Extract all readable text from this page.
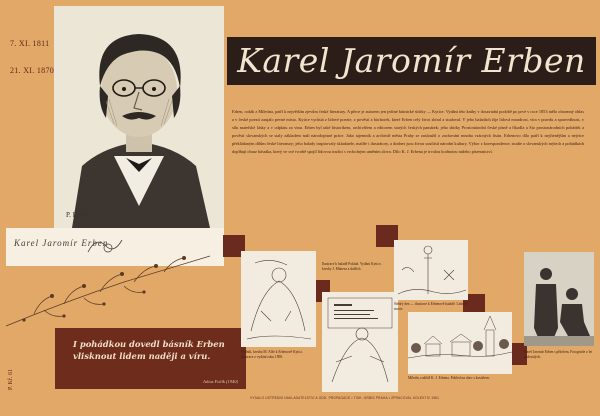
7. XI. 1811
21. XI. 1870
P. L. 67
Karel Jaromír Erben
Erben, rodák z Miletína, patří k největším zjevům české literatury. A přece je autorem jen jediné básnické sbírky — Kytice. Vydání této knihy v dosavadní podobě po prvé v roce 1853 mělo ohromný ohlas a v české poezii zaujalo pevné místo. Kytice vyrůstá z lidové poezie, z pověstí a báchorek, které Erben celý život sbíral a studoval. V jeho baladách žije lidová moudrost, víra v pravdu a spravedlnost, v sílu mateřské lásky a v odplatu za vinu. Erben byl také historikem, archivářem a editorem starých českých památek; jeho sbírky Prostonárodní české písně a říkadla a Sto prostonárodních pohádek a pověstí slovanských se staly základem naší národopisné práce. Jako tajemník a archivář města Prahy se zasloužil o zachování mnoha vzácných listin. Erbenovo dílo patří k nejčtenějším a nejvíce překládaným dílům české literatury; jeho balady inspirovaly skladatele, malíře i ilustrátory, a dodnes jsou živou součástí národní kultury. Výbor z korespondence, studie o slovanských mýtech a pohádkách doplňují obraz básníka, který ve své tvorbě spojil lidovou tradici s vrcholným uměním slova. Dílo K. J. Erbena je trvalou hodnotou našeho písemnictví.
Karel Jaromír Erben
I pohádkou dovedl básník Erben
vlisknout lidem naději a víru.
Julius Fučík (1940)
P. Kř. 61
Vodník, kresba M. Alše k Erbenově Kytici. Ilustrace z vydání roku 1890.
Ilustrace k baladě Poklad. Vydání Kytice, kresby J. Mánesa a dalších.
Miletín, rodiště K. J. Erbena. Pohled na obec s kostelem.
Karel Jaromír Erben s přítelem. Fotografie z let padesátých.
Štědrý den — ilustrace k Erbenově baladě. Lidový motiv.
VYDALO ÚSTŘEDNÍ NAKLADATELSTVÍ A ODD. PROPAGACE • TISK: ORBIS PRAHA • ZPRACOVAL KOLEKTIV 1961
